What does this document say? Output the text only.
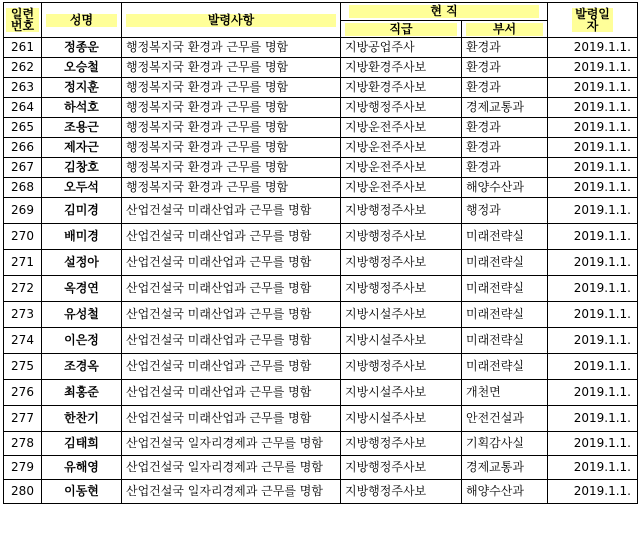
일련번호	성명	발령사항	현 직		발령일자

			직급	부서	

261	정종운	행정복지국 환경과 근무를 명함	지방공업주사	환경과	2019.1.1.
262	오승철	행정복지국 환경과 근무를 명함	지방환경주사보	환경과	2019.1.1.
263	정지훈	행정복지국 환경과 근무를 명함	지방환경주사보	환경과	2019.1.1.
264	하석호	행정복지국 환경과 근무를 명함	지방행정주사보	경제교통과	2019.1.1.
265	조용근	행정복지국 환경과 근무를 명함	지방운전주사보	환경과	2019.1.1.
266	제자근	행정복지국 환경과 근무를 명함	지방운전주사보	환경과	2019.1.1.
267	김창호	행정복지국 환경과 근무를 명함	지방운전주사보	환경과	2019.1.1.
268	오두석	행정복지국 환경과 근무를 명함	지방운전주사보	해양수산과	2019.1.1.
269	김미경	산업건설국 미래산업과 근무를 명함	지방행정주사보	행정과	2019.1.1.
270	배미경	산업건설국 미래산업과 근무를 명함	지방행정주사보	미래전략실	2019.1.1.
271	설정아	산업건설국 미래산업과 근무를 명함	지방행정주사보	미래전략실	2019.1.1.
272	옥경연	산업건설국 미래산업과 근무를 명함	지방행정주사보	미래전략실	2019.1.1.
273	유성철	산업건설국 미래산업과 근무를 명함	지방시설주사보	미래전략실	2019.1.1.
274	이은정	산업건설국 미래산업과 근무를 명함	지방시설주사보	미래전략실	2019.1.1.
275	조경옥	산업건설국 미래산업과 근무를 명함	지방행정주사보	미래전략실	2019.1.1.
276	최홍준	산업건설국 미래산업과 근무를 명함	지방시설주사보	개천면	2019.1.1.
277	한찬기	산업건설국 미래산업과 근무를 명함	지방시설주사보	안전건설과	2019.1.1.
278	김태희	산업건설국 일자리경제과 근무를 명함	지방행정주사보	기획감사실	2019.1.1.
279	유해영	산업건설국 일자리경제과 근무를 명함	지방행정주사보	경제교통과	2019.1.1.
280	이동현	산업건설국 일자리경제과 근무를 명함	지방행정주사보	해양수산과	2019.1.1.
